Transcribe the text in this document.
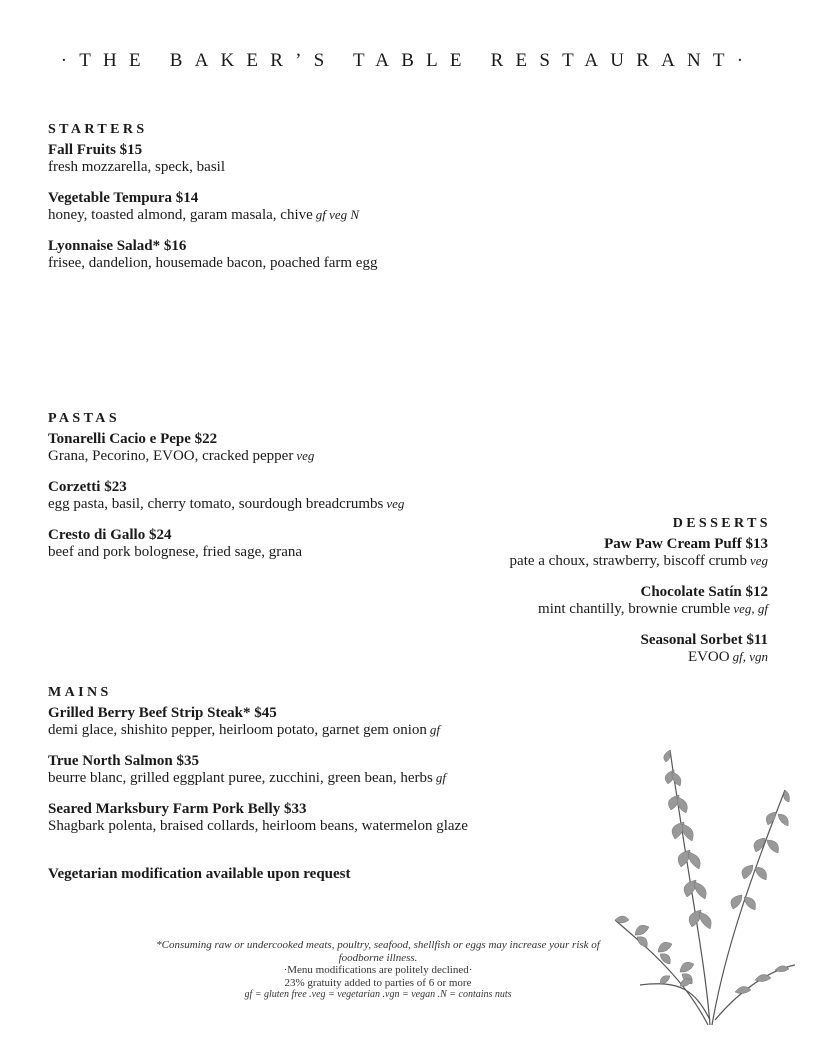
·THE BAKER’S TABLE RESTAURANT·
STARTERS
Fall Fruits $15
fresh mozzarella, speck, basil
Vegetable Tempura $14
honey, toasted almond, garam masala, chive gf veg N
Lyonnaise Salad* $16
frisee, dandelion, housemade bacon, poached farm egg
PASTAS
Tonarelli Cacio e Pepe $22
Grana, Pecorino, EVOO, cracked pepper veg
Corzetti $23
egg pasta, basil, cherry tomato, sourdough breadcrumbs veg
Cresto di Gallo $24
beef and pork bolognese, fried sage, grana
DESSERTS
Paw Paw Cream Puff $13
pate a choux, strawberry, biscoff crumb veg
Chocolate Satín $12
mint chantilly, brownie crumble veg, gf
Seasonal Sorbet $11
EVOO gf, vgn
MAINS
Grilled Berry Beef Strip Steak* $45
demi glace, shishito pepper, heirloom potato, garnet gem onion gf
True North Salmon $35
beurre blanc, grilled eggplant puree, zucchini, green bean, herbs gf
Seared Marksbury Farm Pork Belly $33
Shagbark polenta, braised collards, heirloom beans, watermelon glaze
Vegetarian modification available upon request
*Consuming raw or undercooked meats, poultry, seafood, shellfish or eggs may increase your risk of foodborne illness.
·Menu modifications are politely declined·
23% gratuity added to parties of 6 or more
gf = gluten free .veg = vegetarian .vgn = vegan .N = contains nuts
